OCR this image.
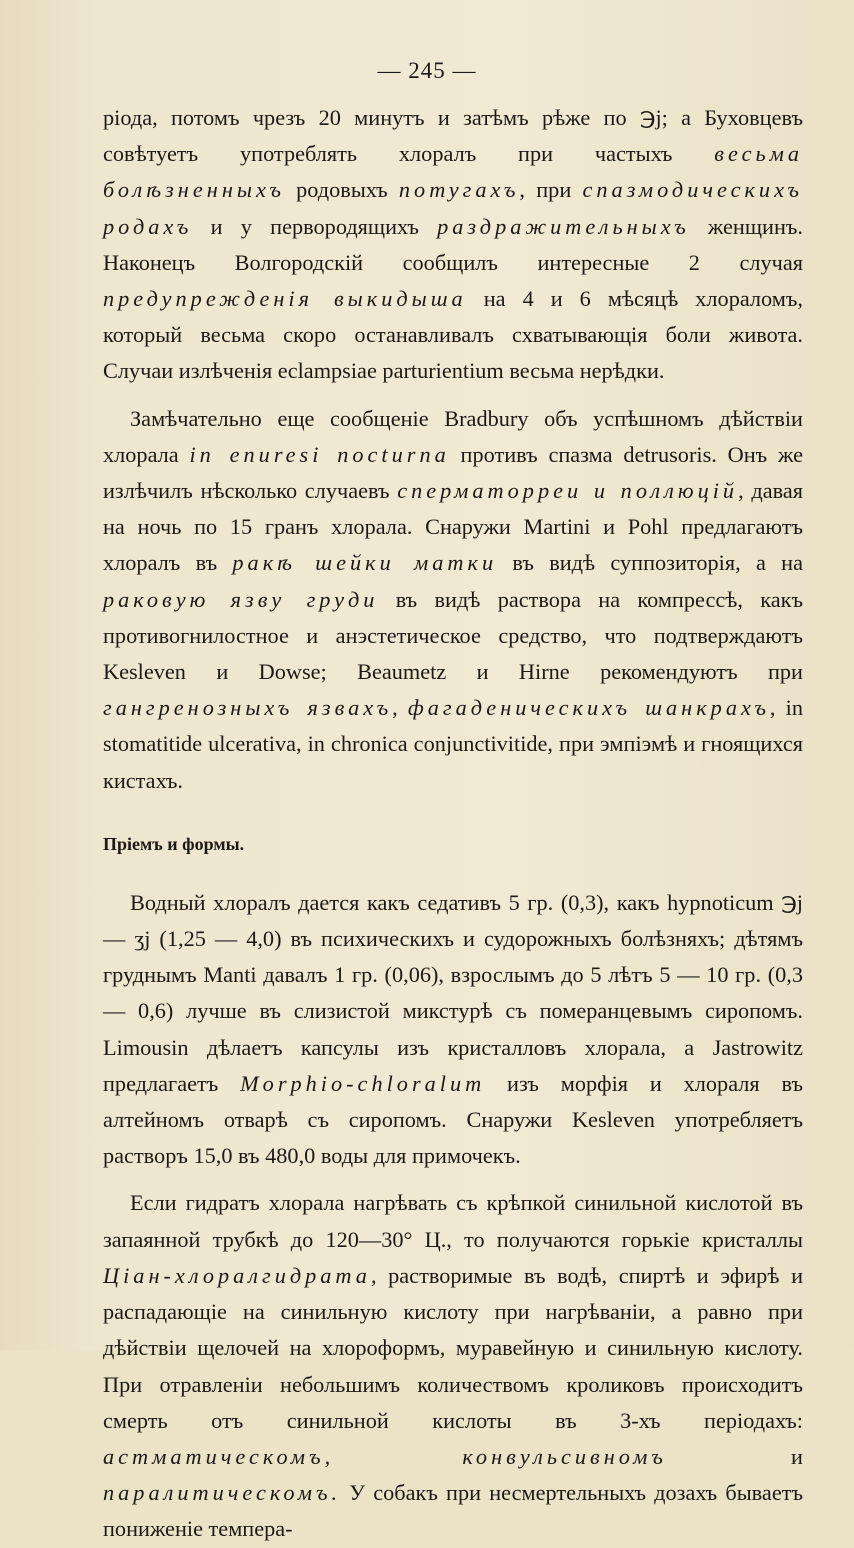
— 245 —

ріода, потомъ чрезъ 20 минутъ и затѣмъ рѣже по ℈j; а Буховцевъ совѣтуетъ употреблять хлоралъ при частыхъ весьма болѣзненныхъ родовыхъ потугахъ, при спазмодическихъ родахъ и у первородящихъ раздражительныхъ женщинъ. Наконецъ Волгородскій сообщилъ интересные 2 случая предупрежденія выкидыша на 4 и 6 мѣсяцѣ хлораломъ, который весьма скоро останавливалъ схватывающія боли живота. Случаи излѣченія eclampsiae parturientium весьма нерѣдки.

Замѣчательно еще сообщеніе Bradbury объ успѣшномъ дѣйствіи хлорала in enuresi nocturna противъ спазма detrusoris. Онъ же излѣчилъ нѣсколько случаевъ сперматорреи и поллюцій, давая на ночь по 15 гранъ хлорала. Снаружи Martini и Pohl предлагаютъ хлоралъ въ ракѣ шейки матки въ видѣ суппозиторія, а на раковую язву груди въ видѣ раствора на компрессѣ, какъ противогнилостное и анэстетическое средство, что подтверждаютъ Kesleven и Dowse; Beaumetz и Hirne рекомендуютъ при гангренозныхъ язвахъ, фагаденическихъ шанкрахъ, in stomatitide ulcerativa, in chronica conjunctivitide, при эмпіэмѣ и гноящихся кистахъ.

Пріемъ и формы.

Водный хлоралъ дается какъ седативъ 5 гр. (0,3), какъ hypnoticum ℈j — ʒj (1,25 — 4,0) въ психическихъ и судорожныхъ болѣзняхъ; дѣтямъ груднымъ Manti давалъ 1 гр. (0,06), взрослымъ до 5 лѣтъ 5 — 10 гр. (0,3 — 0,6) лучше въ слизистой микстурѣ съ померанцевымъ сиропомъ. Limousin дѣлаетъ капсулы изъ кристалловъ хлорала, а Jastrowitz предлагаетъ Morphio-chloralum изъ морфія и хлораля въ алтейномъ отварѣ съ сиропомъ. Снаружи Kesleven употребляетъ растворъ 15,0 въ 480,0 воды для примочекъ.

Если гидратъ хлорала нагрѣвать съ крѣпкой синильной кислотой въ запаянной трубкѣ до 120—30° Ц., то получаются горькіе кристаллы Ціан-хлоралгидрата, растворимые въ водѣ, спиртѣ и эфирѣ и распадающіе на синильную кислоту при нагрѣваніи, а равно при дѣйствіи щелочей на хлороформъ, муравейную и синильную кислоту. При отравленіи небольшимъ количествомъ кроликовъ происходитъ смерть отъ синильной кислоты въ 3-хъ періодахъ: астматическомъ, конвульсивномъ и паралитическомъ. У собакъ при несмертельныхъ дозахъ бываетъ пониженіе темпера-
